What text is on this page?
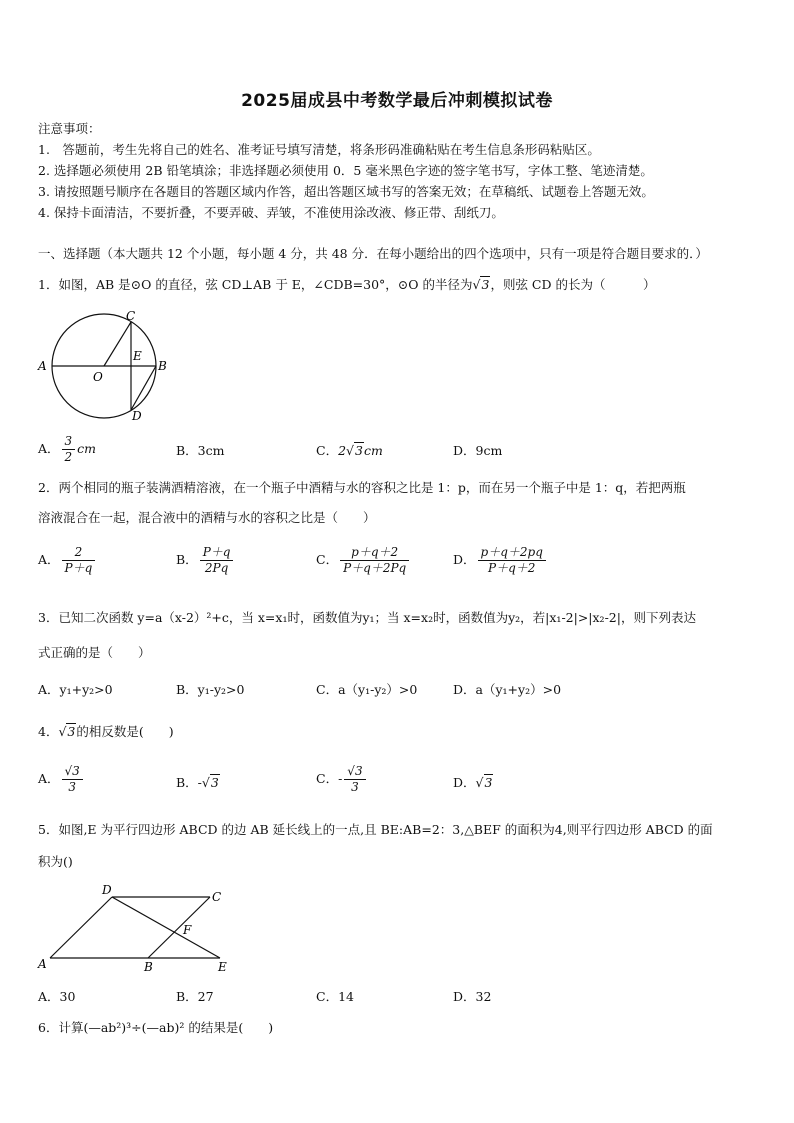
2025届成县中考数学最后冲刺模拟试卷
注意事项：
1.　答题前，考生先将自己的姓名、准考证号填写清楚，将条形码准确粘贴在考生信息条形码粘贴区。
2. 选择题必须使用 2B 铅笔填涂；非选择题必须使用 0．5 毫米黑色字迹的签字笔书写，字体工整、笔迹清楚。
3. 请按照题号顺序在各题目的答题区域内作答，超出答题区域书写的答案无效；在草稿纸、试题卷上答题无效。
4. 保持卡面清洁，不要折叠，不要弄破、弄皱，不准使用涂改液、修正带、刮纸刀。
一、选择题（本大题共 12 个小题，每小题 4 分，共 48 分．在每小题给出的四个选项中，只有一项是符合题目要求的．）
1．如图，AB 是⊙O 的直径，弦 CD⊥AB 于 E，∠CDB=30°，⊙O 的半径为√3，则弦 CD 的长为（　　　）
A	B
C
D
E
O
A． $\frac{3}{2}$ cm	B．3cm	C．2√3cm	D．9cm
2．两个相同的瓶子装满酒精溶液，在一个瓶子中酒精与水的容积之比是 1：p，而在另一个瓶子中是 1：q，若把两瓶
溶液混合在一起，混合液中的酒精与水的容积之比是（　　）
A． $\frac{2}{P+q}$	B． $\frac{P+q}{2Pq}$	C． $\frac{p+q+2}{P+q+2Pq}$	D． $\frac{p+q+2pq}{P+q+2}$
3．已知二次函数 y=a（x-2）²+c，当 x=x₁时，函数值为y₁；当 x=x₂时，函数值为y₂，若|x₁-2|>|x₂-2|，则下列表达
式正确的是（　　）
A．y₁+y₂>0	B．y₁-y₂>0	C．a（y₁-y₂）>0	D．a（y₁+y₂）>0
4．√3的相反数是(　　)
A． $\frac{√3}{3}$	B．-√3	C．- $\frac{√3}{3}$	D．√3
5．如图,E 为平行四边形 ABCD 的边 AB 延长线上的一点,且 BE:AB=2：3,△BEF 的面积为4,则平行四边形 ABCD 的面
积为()
A	B
C
D
E
F
A．30	B．27	C．14	D．32
6．计算(—ab²)³÷(—ab)² 的结果是(　　)
